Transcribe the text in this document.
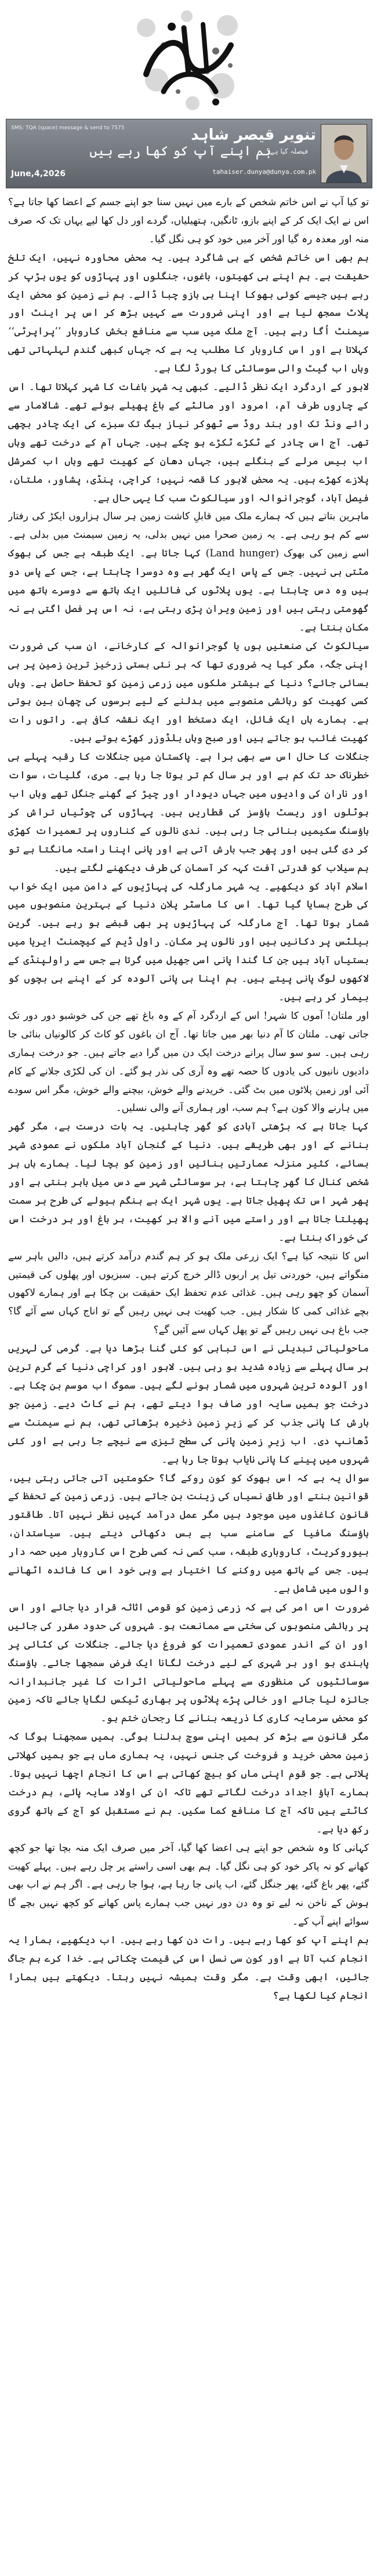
SMS: TQA (space) message & send to 7575
ہم اپنے آپ کو کھا رہے ہیں
June,4,2026
تنویر قیصر شاہد
فیصلہ کیا ہے؟
tahaiser.dunya@dunya.com.pk

تو کیا آپ نے اس خاتم شخص کے بارے میں نہیں سنا جو اپنے جسم کے اعضا کھا جاتا ہے؟ اس نے ایک ایک کر کے اپنے بازو، ٹانگیں، ہتھیلیاں، گردے اور دل کھا لیے یہاں تک کہ صرف منہ اور معدہ رہ گیا اور آخر میں خود کو ہی نگل گیا۔

ہم بھی اس خاتم شخص کے ہی شاگرد ہیں۔ یہ محض محاورہ نہیں، ایک تلخ حقیقت ہے۔ ہم اپنے ہی کھیتوں، باغوں، جنگلوں اور پہاڑوں کو یوں ہڑپ کر رہے ہیں جیسے کوئی بھوکا اپنا ہی بازو چبا ڈالے۔ ہم نے زمین کو محض ایک پلاٹ سمجھ لیا ہے اور اپنی ضرورت سے کہیں بڑھ کر اس پر اینٹ اور سیمنٹ اُگا رہے ہیں۔ آج ملک میں سب سے منافع بخش کاروبار ’’پراپرٹی‘‘ کہلاتا ہے اور اس کاروبار کا مطلب یہ ہے کہ جہاں کبھی گندم لہلہاتی تھی وہاں اب گیٹ والی سوسائٹی کا بورڈ لگا ہے۔

لاہور کے اردگرد ایک نظر ڈالیے۔ کبھی یہ شہر باغات کا شہر کہلاتا تھا۔ اس کے چاروں طرف آم، امرود اور مالٹے کے باغ پھیلے ہوئے تھے۔ شالامار سے رائے ونڈ تک اور بند روڈ سے ٹھوکر نیاز بیگ تک سبزے کی ایک چادر بچھی تھی۔ آج اس چادر کے ٹکڑے ٹکڑے ہو چکے ہیں۔ جہاں آم کے درخت تھے وہاں اب بیس مرلے کے بنگلے ہیں، جہاں دھان کے کھیت تھے وہاں اب کمرشل پلازے کھڑے ہیں۔ یہ محض لاہور کا قصہ نہیں؛ کراچی، پنڈی، پشاور، ملتان، فیصل آباد، گوجرانوالہ اور سیالکوٹ سب کا یہی حال ہے۔

ماہرین بتاتے ہیں کہ ہمارے ملک میں قابلِ کاشت زمین ہر سال ہزاروں ایکڑ کی رفتار سے کم ہو رہی ہے۔ یہ زمین صحرا میں نہیں بدلی، یہ زمین سیمنٹ میں بدلی ہے۔ اسے زمین کی بھوک (Land hunger) کہا جاتا ہے۔ ایک طبقہ ہے جس کی بھوک مٹتی ہی نہیں۔ جس کے پاس ایک گھر ہے وہ دوسرا چاہتا ہے، جس کے پاس دو ہیں وہ دس چاہتا ہے۔ یوں پلاٹوں کی فائلیں ایک ہاتھ سے دوسرے ہاتھ میں گھومتی رہتی ہیں اور زمین ویران پڑی رہتی ہے، نہ اس پر فصل اگتی ہے نہ مکان بنتا ہے۔

سیالکوٹ کی صنعتیں ہوں یا گوجرانوالہ کے کارخانے، ان سب کی ضرورت اپنی جگہ، مگر کیا یہ ضروری تھا کہ ہر نئی بستی زرخیز ترین زمین پر ہی بسائی جائے؟ دنیا کے بیشتر ملکوں میں زرعی زمین کو تحفظ حاصل ہے۔ وہاں کسی کھیت کو رہائشی منصوبے میں بدلنے کے لیے برسوں کی چھان بین ہوتی ہے۔ ہمارے ہاں ایک فائل، ایک دستخط اور ایک نقشہ کافی ہے۔ راتوں رات کھیت غائب ہو جاتے ہیں اور صبح وہاں بلڈوزر کھڑے ہوتے ہیں۔

جنگلات کا حال اس سے بھی برا ہے۔ پاکستان میں جنگلات کا رقبہ پہلے ہی خطرناک حد تک کم ہے اور ہر سال کم تر ہوتا جا رہا ہے۔ مری، گلیات، سوات اور ناران کی وادیوں میں جہاں دیودار اور چیڑ کے گھنے جنگل تھے وہاں اب ہوٹلوں اور ریسٹ ہاؤسز کی قطاریں ہیں۔ پہاڑوں کی چوٹیاں تراش کر ہاؤسنگ سکیمیں بنائی جا رہی ہیں۔ ندی نالوں کے کناروں پر تعمیرات کھڑی کر دی گئی ہیں اور پھر جب بارش آتی ہے اور پانی اپنا راستہ مانگتا ہے تو ہم سیلاب کو قدرتی آفت کہہ کر آسمان کی طرف دیکھنے لگتے ہیں۔

اسلام آباد کو دیکھیے۔ یہ شہر مارگلہ کی پہاڑیوں کے دامن میں ایک خواب کی طرح بسایا گیا تھا۔ اس کا ماسٹر پلان دنیا کے بہترین منصوبوں میں شمار ہوتا تھا۔ آج مارگلہ کی پہاڑیوں پر بھی قبضے ہو رہے ہیں۔ گرین بیلٹس پر دکانیں ہیں اور نالوں پر مکان۔ راول ڈیم کے کیچمنٹ ایریا میں بستیاں آباد ہیں جن کا گندا پانی اسی جھیل میں گرتا ہے جس سے راولپنڈی کے لاکھوں لوگ پانی پیتے ہیں۔ ہم اپنا ہی پانی آلودہ کر کے اپنے ہی بچوں کو بیمار کر رہے ہیں۔

اور ملتان! آموں کا شہر! اس کے اردگرد آم کے وہ باغ تھے جن کی خوشبو دور دور تک جاتی تھی۔ ملتان کا آم دنیا بھر میں جاتا تھا۔ آج ان باغوں کو کاٹ کر کالونیاں بنائی جا رہی ہیں۔ سو سو سال پرانے درخت ایک دن میں گرا دیے جاتے ہیں۔ جو درخت ہماری دادیوں نانیوں کی یادوں کا حصہ تھے وہ آری کی نذر ہو گئے۔ ان کی لکڑی جلانے کے کام آئی اور زمین پلاٹوں میں بٹ گئی۔ خریدنے والے خوش، بیچنے والے خوش، مگر اس سودے میں ہارنے والا کون ہے؟ ہم سب، اور ہماری آنے والی نسلیں۔

کہا جاتا ہے کہ بڑھتی آبادی کو گھر چاہئیں۔ یہ بات درست ہے، مگر گھر بنانے کے اور بھی طریقے ہیں۔ دنیا کے گنجان آباد ملکوں نے عمودی شہر بسائے، کثیر منزلہ عمارتیں بنائیں اور زمین کو بچا لیا۔ ہمارے ہاں ہر شخص کنال کا گھر چاہتا ہے، ہر سوسائٹی شہر سے دس میل باہر بنتی ہے اور پھر شہر اس تک پھیل جاتا ہے۔ یوں شہر ایک بے ہنگم ہیولے کی طرح ہر سمت پھیلتا جاتا ہے اور راستے میں آنے والا ہر کھیت، ہر باغ اور ہر درخت اس کی خوراک بنتا ہے۔

اس کا نتیجہ کیا ہے؟ ایک زرعی ملک ہو کر ہم گندم درآمد کرتے ہیں، دالیں باہر سے منگواتے ہیں، خوردنی تیل پر اربوں ڈالر خرچ کرتے ہیں۔ سبزیوں اور پھلوں کی قیمتیں آسمان کو چھو رہی ہیں۔ غذائی عدم تحفظ ایک حقیقت بن چکا ہے اور ہمارے لاکھوں بچے غذائی کمی کا شکار ہیں۔ جب کھیت ہی نہیں رہیں گے تو اناج کہاں سے آئے گا؟ جب باغ ہی نہیں رہیں گے تو پھل کہاں سے آئیں گے؟

ماحولیاتی تبدیلی نے اس تباہی کو کئی گنا بڑھا دیا ہے۔ گرمی کی لہریں ہر سال پہلے سے زیادہ شدید ہو رہی ہیں۔ لاہور اور کراچی دنیا کے گرم ترین اور آلودہ ترین شہروں میں شمار ہونے لگے ہیں۔ سموگ اب موسم بن چکا ہے۔ درخت جو ہمیں سایہ اور صاف ہوا دیتے تھے، ہم نے کاٹ دیے۔ زمین جو بارش کا پانی جذب کر کے زیرِ زمین ذخیرہ بڑھاتی تھی، ہم نے سیمنٹ سے ڈھانپ دی۔ اب زیرِ زمین پانی کی سطح تیزی سے نیچے جا رہی ہے اور کئی شہروں میں پینے کا پانی نایاب ہوتا جا رہا ہے۔

سوال یہ ہے کہ اس بھوک کو کون روکے گا؟ حکومتیں آتی جاتی رہتی ہیں، قوانین بنتے اور طاقِ نسیاں کی زینت بن جاتے ہیں۔ زرعی زمین کے تحفظ کے قانون کاغذوں میں موجود ہیں مگر عمل درآمد کہیں نظر نہیں آتا۔ طاقتور ہاؤسنگ مافیا کے سامنے سب بے بس دکھائی دیتے ہیں۔ سیاستدان، بیوروکریٹ، کاروباری طبقہ، سب کسی نہ کسی طرح اس کاروبار میں حصہ دار ہیں۔ جس کے ہاتھ میں روکنے کا اختیار ہے وہی خود اس کا فائدہ اٹھانے والوں میں شامل ہے۔

ضرورت اس امر کی ہے کہ زرعی زمین کو قومی اثاثہ قرار دیا جائے اور اس پر رہائشی منصوبوں کی سختی سے ممانعت ہو۔ شہروں کی حدود مقرر کی جائیں اور ان کے اندر عمودی تعمیرات کو فروغ دیا جائے۔ جنگلات کی کٹائی پر پابندی ہو اور ہر شہری کے لیے درخت لگانا ایک فرض سمجھا جائے۔ ہاؤسنگ سوسائٹیوں کی منظوری سے پہلے ماحولیاتی اثرات کا غیر جانبدارانہ جائزہ لیا جائے اور خالی پڑے پلاٹوں پر بھاری ٹیکس لگایا جائے تاکہ زمین کو محض سرمایہ کاری کا ذریعہ بنانے کا رجحان ختم ہو۔

مگر قانون سے بڑھ کر ہمیں اپنی سوچ بدلنا ہوگی۔ ہمیں سمجھنا ہوگا کہ زمین محض خرید و فروخت کی جنس نہیں، یہ ہماری ماں ہے جو ہمیں کھلاتی پلاتی ہے۔ جو قوم اپنی ماں کو بیچ کھاتی ہے اس کا انجام اچھا نہیں ہوتا۔ ہمارے آباؤ اجداد درخت لگاتے تھے تاکہ ان کی اولاد سایہ پائے، ہم درخت کاٹتے ہیں تاکہ آج کا منافع کما سکیں۔ ہم نے مستقبل کو آج کے ہاتھ گروی رکھ دیا ہے۔

کہانی کا وہ شخص جو اپنے ہی اعضا کھا گیا، آخر میں صرف ایک منہ بچا تھا جو کچھ کھانے کو نہ پاکر خود کو ہی نگل گیا۔ ہم بھی اسی راستے پر چل رہے ہیں۔ پہلے کھیت گئے، پھر باغ گئے، پھر جنگل گئے، اب پانی جا رہا ہے، ہوا جا رہی ہے۔ اگر ہم نے اب بھی ہوش کے ناخن نہ لیے تو وہ دن دور نہیں جب ہمارے پاس کھانے کو کچھ نہیں بچے گا سوائے اپنے آپ کے۔

ہم اپنے آپ کو کھا رہے ہیں۔ رات دن کھا رہے ہیں۔ اب دیکھیے، ہمارا یہ انجام کب آتا ہے اور کون سی نسل اس کی قیمت چکاتی ہے۔ خدا کرے ہم جاگ جائیں، ابھی وقت ہے۔ مگر وقت ہمیشہ نہیں رہتا۔ دیکھتے ہیں ہمارا انجام کیا لکھا ہے؟
